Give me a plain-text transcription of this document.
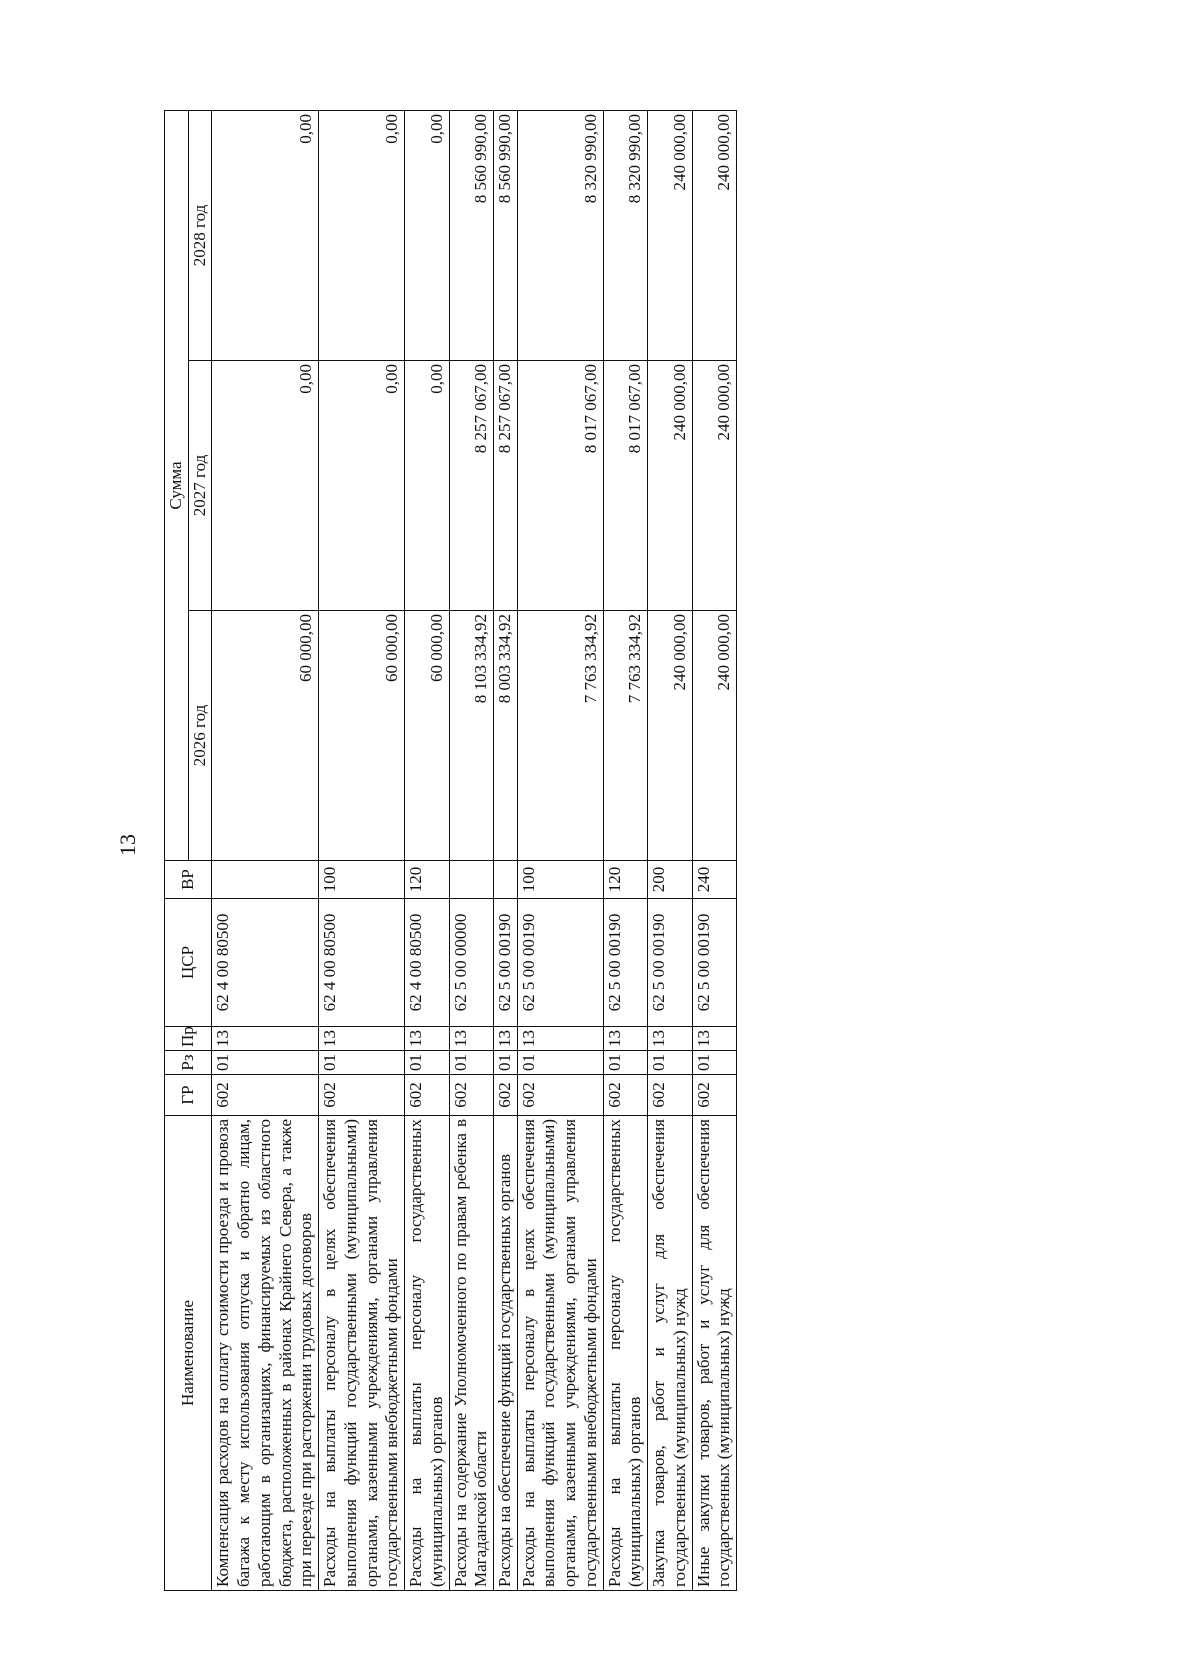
13
Наименование	ГР	Рз	Пр	ЦСР	ВР	Сумма		
						2026 год	2027 год	2028 год
Компенсация расходов на оплату стоимости проезда и провоза багажа к месту использования отпуска и обратно лицам, работающим в организациях, финансируемых из областного бюджета, расположенных в районах Крайнего Севера, а также при переезде при расторжении трудовых договоров	602	01	13	62 4 00 80500		60 000,00	0,00	0,00
Расходы на выплаты персоналу в целях обеспечения выполнения функций государственными (муниципальными) органами, казенными учреждениями, органами управления государственными внебюджетными фондами	602	01	13	62 4 00 80500	100	60 000,00	0,00	0,00
Расходы на выплаты персоналу государственных (муниципальных) органов	602	01	13	62 4 00 80500	120	60 000,00	0,00	0,00
Расходы на содержание Уполномоченного по правам ребенка в Магаданской области	602	01	13	62 5 00 00000		8 103 334,92	8 257 067,00	8 560 990,00
Расходы на обеспечение функций государственных органов	602	01	13	62 5 00 00190		8 003 334,92	8 257 067,00	8 560 990,00
Расходы на выплаты персоналу в целях обеспечения выполнения функций государственными (муниципальными) органами, казенными учреждениями, органами управления государственными внебюджетными фондами	602	01	13	62 5 00 00190	100	7 763 334,92	8 017 067,00	8 320 990,00
Расходы на выплаты персоналу государственных (муниципальных) органов	602	01	13	62 5 00 00190	120	7 763 334,92	8 017 067,00	8 320 990,00
Закупка товаров, работ и услуг для обеспечения государственных (муниципальных) нужд	602	01	13	62 5 00 00190	200	240 000,00	240 000,00	240 000,00
Иные закупки товаров, работ и услуг для обеспечения государственных (муниципальных) нужд	602	01	13	62 5 00 00190	240	240 000,00	240 000,00	240 000,00
